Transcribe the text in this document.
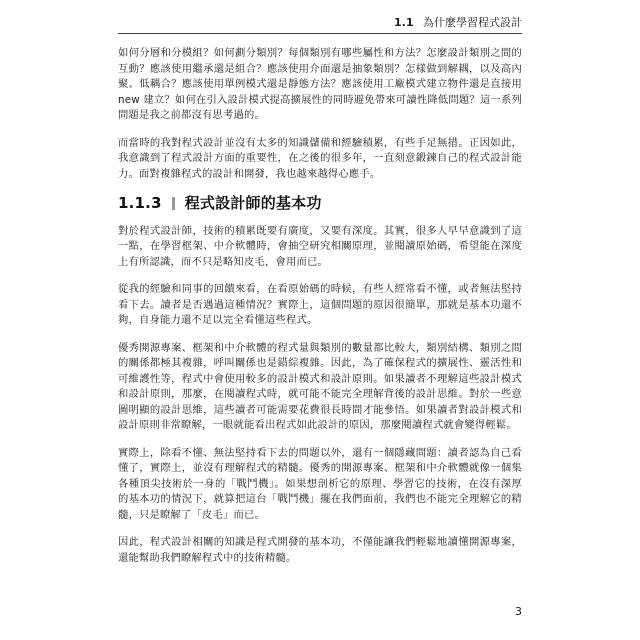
1.1 為什麼學習程式設計

如何分層和分模組？如何劃分類別？每個類別有哪些屬性和方法？怎麼設計類別之間的互動？應該使用繼承還是組合？應該使用介面還是抽象類別？怎樣做到解耦，以及高內聚、低耦合？應該使用單例模式還是靜態方法？應該使用工廠模式建立物件還是直接用 new 建立？如何在引入設計模式提高擴展性的同時避免帶來可讀性降低問題？這一系列問題是我之前都沒有思考過的。

而當時的我對程式設計並沒有太多的知識儲備和經驗積累，有些手足無措。正因如此，我意識到了程式設計方面的重要性，在之後的很多年，一直刻意鍛鍊自己的程式設計能力。面對複雜程式的設計和開發，我也越來越得心應手。

1.1.3 程式設計師的基本功

對於程式設計師，技術的積累既要有廣度，又要有深度。其實，很多人早早意識到了這一點，在學習框架、中介軟體時，會抽空研究相關原理，並閱讀原始碼，希望能在深度上有所認識，而不只是略知皮毛，會用而已。

從我的經驗和同事的回饋來看，在看原始碼的時候，有些人經常看不懂，或者無法堅持看下去。讀者是否遇過這種情況？實際上，這個問題的原因很簡單，那就是基本功還不夠，自身能力還不足以完全看懂這些程式。

優秀開源專案、框架和中介軟體的程式量與類別的數量都比較大，類別結構、類別之間的關係都極其複雜，呼叫關係也是錯綜複雜。因此，為了確保程式的擴展性、靈活性和可維護性等，程式中會使用較多的設計模式和設計原則。如果讀者不理解這些設計模式和設計原則，那麼，在閱讀程式時，就可能不能完全理解背後的設計思維。對於一些意圖明顯的設計思維，這些讀者可能需要花費很長時間才能參悟。如果讀者對設計模式和設計原則非常瞭解，一眼就能看出程式如此設計的原因，那麼閱讀程式就會變得輕鬆。

實際上，除看不懂、無法堅持看下去的問題以外，還有一個隱藏問題：讀者認為自己看懂了，實際上，並沒有理解程式的精髓。優秀的開源專案、框架和中介軟體就像一個集各種頂尖技術於一身的「戰鬥機」。如果想剖析它的原理、學習它的技術，在沒有深厚的基本功的情況下，就算把這台「戰鬥機」擺在我們面前，我們也不能完全理解它的精髓，只是瞭解了「皮毛」而已。

因此，程式設計相關的知識是程式開發的基本功，不僅能讓我們輕鬆地讀懂開源專案，還能幫助我們瞭解程式中的技術精髓。

3
